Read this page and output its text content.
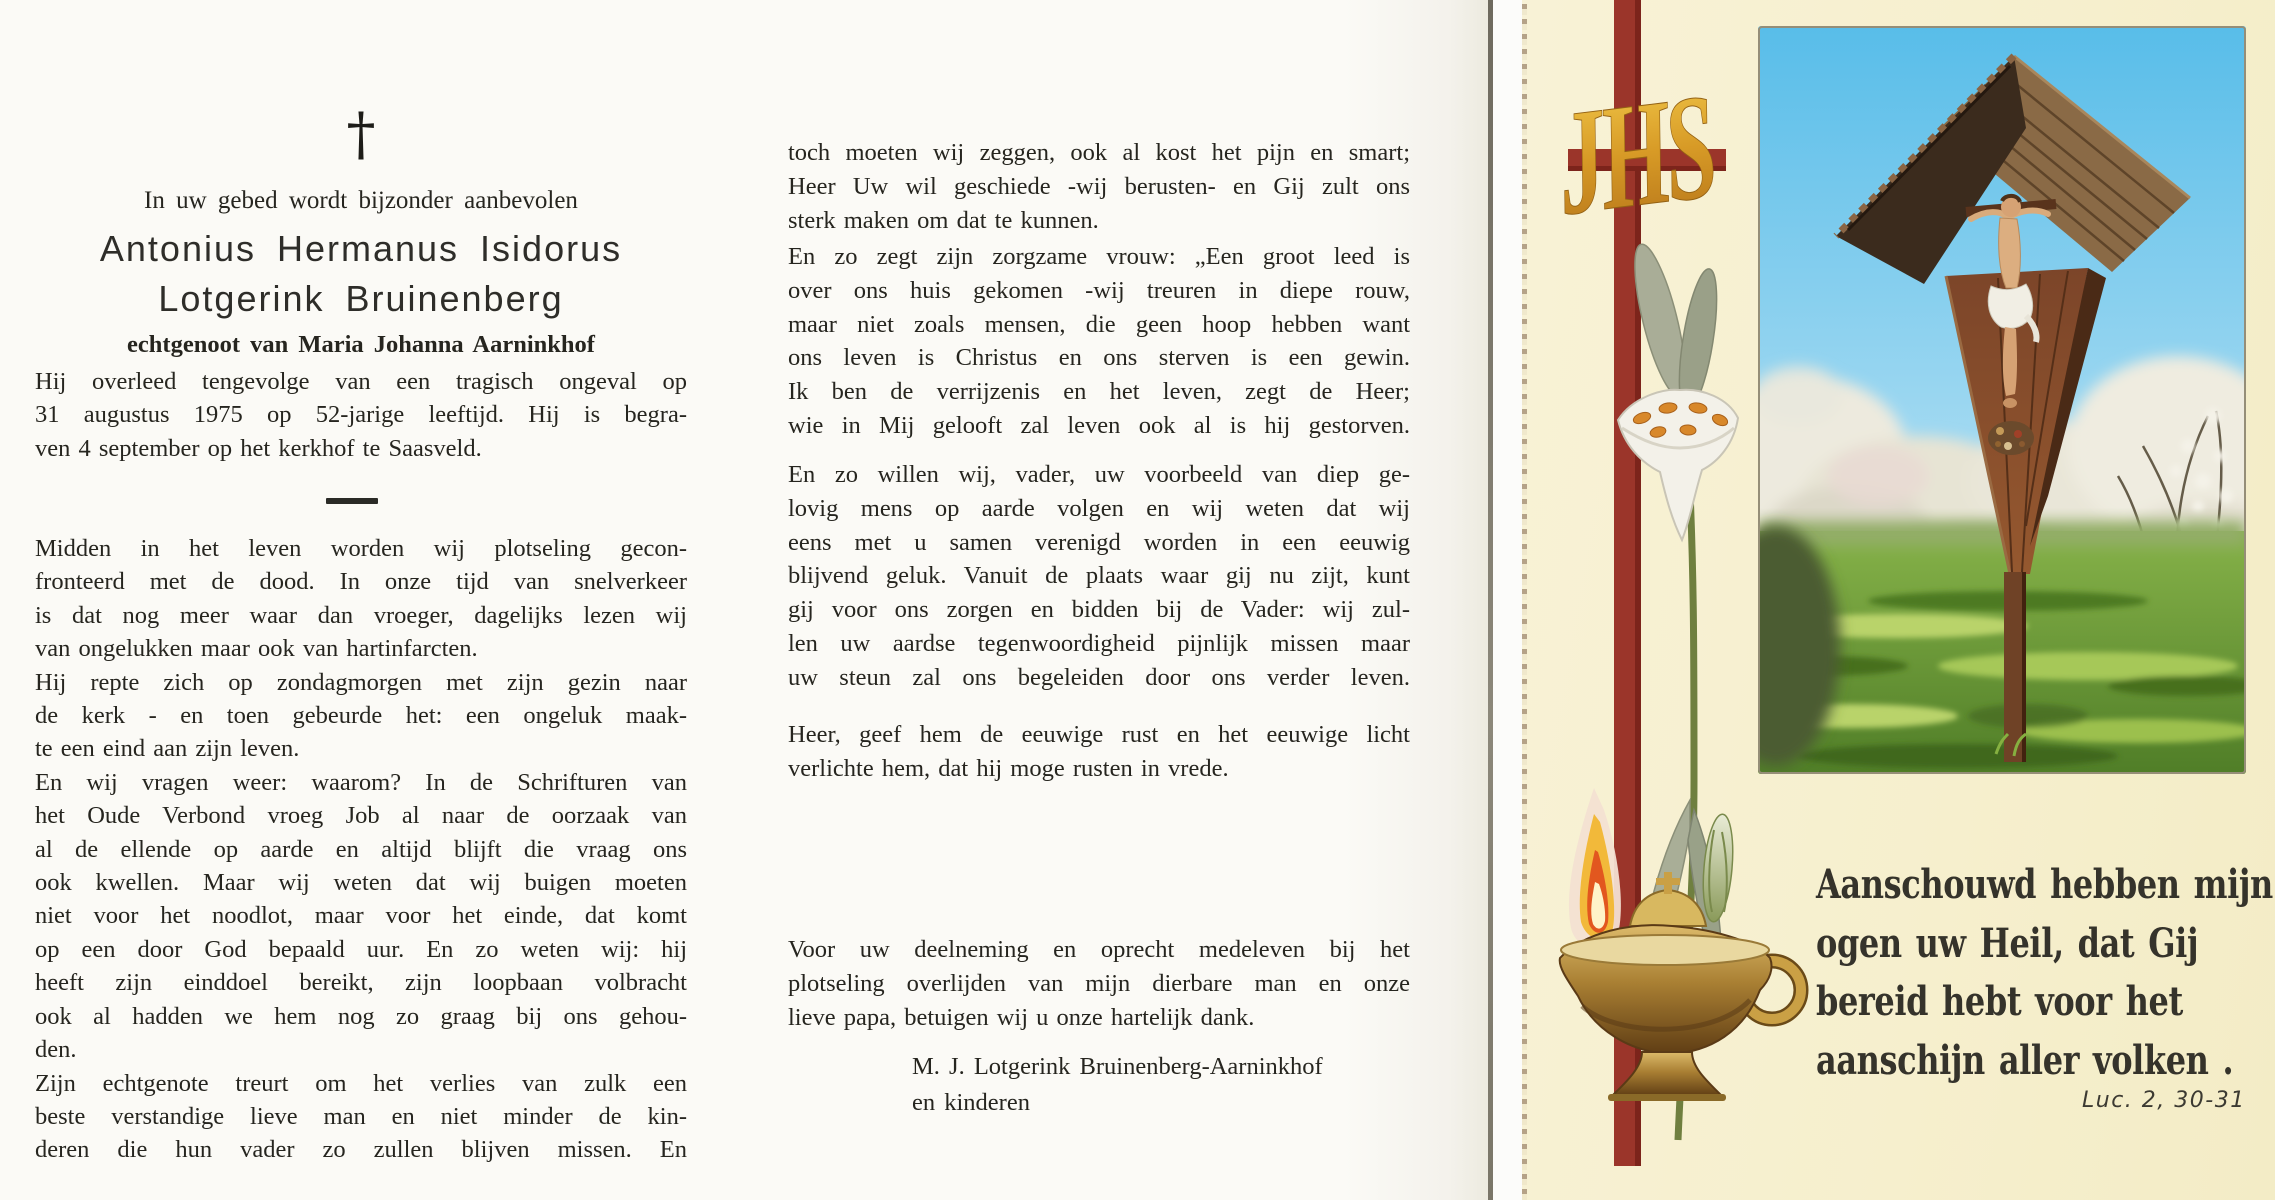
†
In uw gebed wordt bijzonder aanbevolen
Antonius Hermanus Isidorus
Lotgerink Bruinenberg
echtgenoot van Maria Johanna Aarninkhof
Hij overleed tengevolge van een tragisch ongeval op
31 augustus 1975 op 52-jarige leeftijd. Hij is begra-
ven 4 september op het kerkhof te Saasveld.
Midden in het leven worden wij plotseling gecon-
fronteerd met de dood. In onze tijd van snelverkeer
is dat nog meer waar dan vroeger, dagelijks lezen wij
van ongelukken maar ook van hartinfarcten.
Hij repte zich op zondagmorgen met zijn gezin naar
de kerk - en toen gebeurde het: een ongeluk maak-
te een eind aan zijn leven.
En wij vragen weer: waarom? In de Schrifturen van
het Oude Verbond vroeg Job al naar de oorzaak van
al de ellende op aarde en altijd blijft die vraag ons
ook kwellen. Maar wij weten dat wij buigen moeten
niet voor het noodlot, maar voor het einde, dat komt
op een door God bepaald uur. En zo weten wij: hij
heeft zijn einddoel bereikt, zijn loopbaan volbracht
ook al hadden we hem nog zo graag bij ons gehou-
den.
Zijn echtgenote treurt om het verlies van zulk een
beste verstandige lieve man en niet minder de kin-
deren die hun vader zo zullen blijven missen. En
toch moeten wij zeggen, ook al kost het pijn en smart;
Heer Uw wil geschiede -wij berusten- en Gij zult ons
sterk maken om dat te kunnen.
En zo zegt zijn zorgzame vrouw: „Een groot leed is
over ons huis gekomen -wij treuren in diepe rouw,
maar niet zoals mensen, die geen hoop hebben want
ons leven is Christus en ons sterven is een gewin.
Ik ben de verrijzenis en het leven, zegt de Heer;
wie in Mij gelooft zal leven ook al is hij gestorven.
En zo willen wij, vader, uw voorbeeld van diep ge-
lovig mens op aarde volgen en wij weten dat wij
eens met u samen verenigd worden in een eeuwig
blijvend geluk. Vanuit de plaats waar gij nu zijt, kunt
gij voor ons zorgen en bidden bij de Vader: wij zul-
len uw aardse tegenwoordigheid pijnlijk missen maar
uw steun zal ons begeleiden door ons verder leven.
Heer, geef hem de eeuwige rust en het eeuwige licht
verlichte hem, dat hij moge rusten in vrede.
Voor uw deelneming en oprecht medeleven bij het
plotseling overlijden van mijn dierbare man en onze
lieve papa, betuigen wij u onze hartelijk dank.
M. J. Lotgerink Bruinenberg-Aarninkhof
en kinderen
JHS
Aanschouwd hebben mijn
ogen uw Heil, dat Gij
bereid hebt voor het
aanschijn aller volken .
Luc. 2, 30-31
